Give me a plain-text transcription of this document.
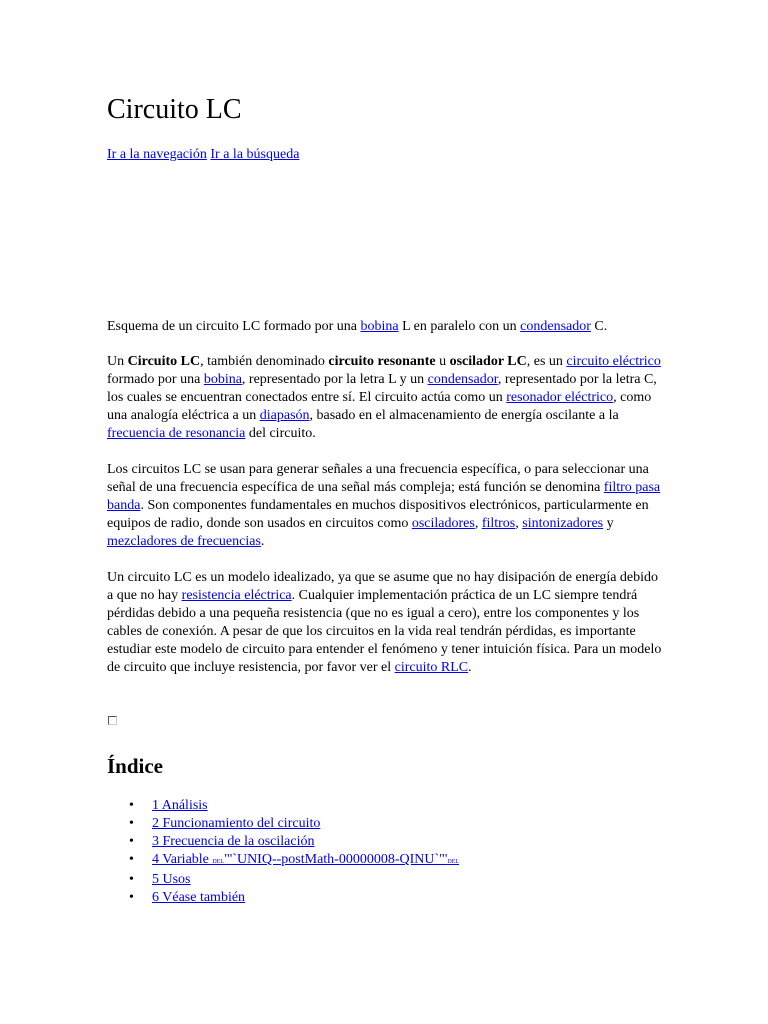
Circuito LC
Ir a la navegación Ir a la búsqueda

Esquema de un circuito LC formado por una bobina L en paralelo con un condensador C.

Un Circuito LC, también denominado circuito resonante u oscilador LC, es un circuito eléctrico formado por una bobina, representado por la letra L y un condensador, representado por la letra C, los cuales se encuentran conectados entre sí. El circuito actúa como un resonador eléctrico, como una analogía eléctrica a un diapasón, basado en el almacenamiento de energía oscilante a la frecuencia de resonancia del circuito.

Los circuitos LC se usan para generar señales a una frecuencia específica, o para seleccionar una señal de una frecuencia específica de una señal más compleja; está función se denomina filtro pasa banda. Son componentes fundamentales en muchos dispositivos electrónicos, particularmente en equipos de radio, donde son usados en circuitos como osciladores, filtros, sintonizadores y mezcladores de frecuencias.

Un circuito LC es un modelo idealizado, ya que se asume que no hay disipación de energía debido a que no hay resistencia eléctrica. Cualquier implementación práctica de un LC siempre tendrá pérdidas debido a una pequeña resistencia (que no es igual a cero), entre los componentes y los cables de conexión. A pesar de que los circuitos en la vida real tendrán pérdidas, es importante estudiar este modelo de circuito para entender el fenómeno y tener intuición física. Para un modelo de circuito que incluye resistencia, por favor ver el circuito RLC.

Índice
• 1 Análisis
• 2 Funcionamiento del circuito
• 3 Frecuencia de la oscilación
• 4 Variable DEL"'`UNIQ--postMath-00000008-QINU`"'DEL
• 5 Usos
• 6 Véase también
